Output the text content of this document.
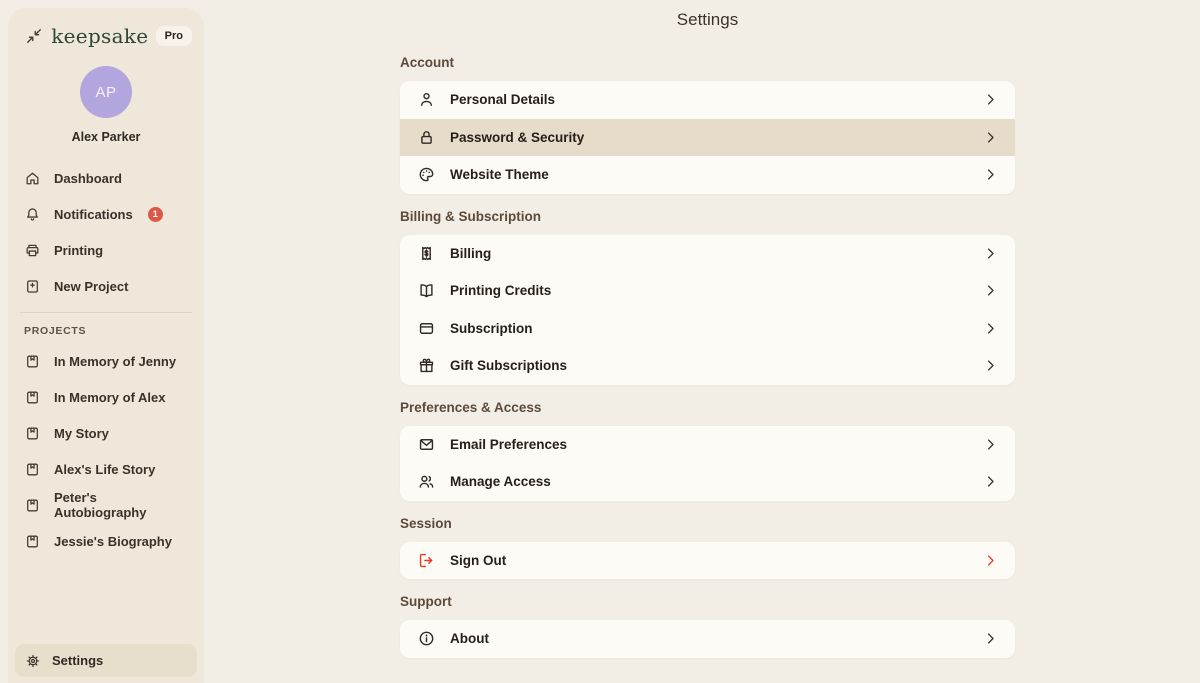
keepsake	Pro
AP
Alex Parker
Dashboard
Notifications	1
Printing
New Project
PROJECTS
In Memory of Jenny
In Memory of Alex
My Story
Alex's Life Story
Peter's Autobiography
Jessie's Biography
Settings
Settings
Account
Personal Details
Password & Security
Website Theme
Billing & Subscription
Billing
Printing Credits
Subscription
Gift Subscriptions
Preferences & Access
Email Preferences
Manage Access
Session
Sign Out
Support
About
